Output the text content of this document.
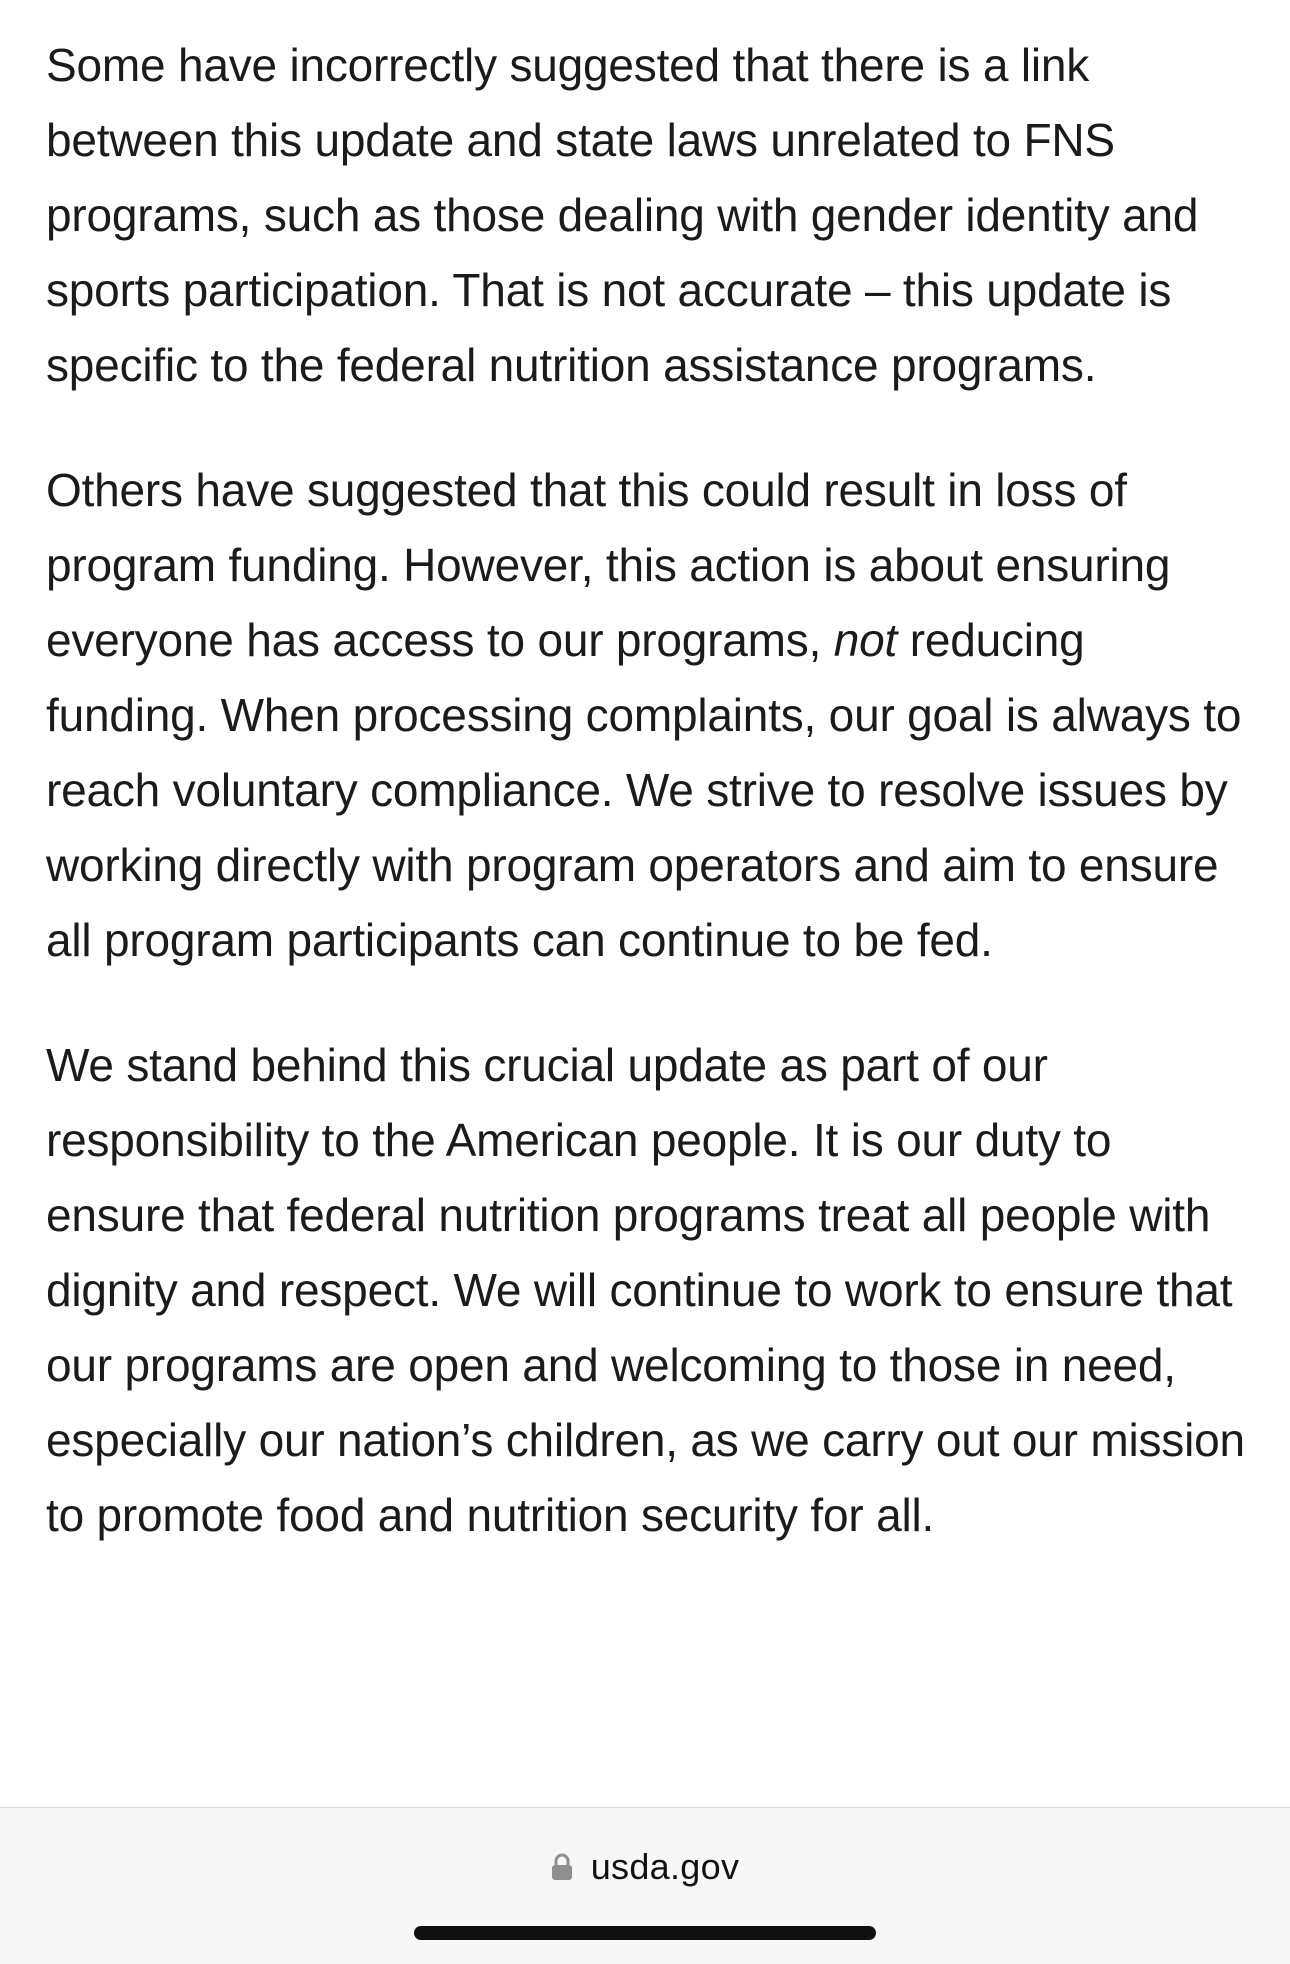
Some have incorrectly suggested that there is a link between this update and state laws unrelated to FNS programs, such as those dealing with gender identity and sports participation. That is not accurate – this update is specific to the federal nutrition assistance programs.

Others have suggested that this could result in loss of program funding. However, this action is about ensuring everyone has access to our programs, not reducing funding. When processing complaints, our goal is always to reach voluntary compliance. We strive to resolve issues by working directly with program operators and aim to ensure all program participants can continue to be fed.

We stand behind this crucial update as part of our responsibility to the American people. It is our duty to ensure that federal nutrition programs treat all people with dignity and respect. We will continue to work to ensure that our programs are open and welcoming to those in need, especially our nation’s children, as we carry out our mission to promote food and nutrition security for all.

usda.gov
